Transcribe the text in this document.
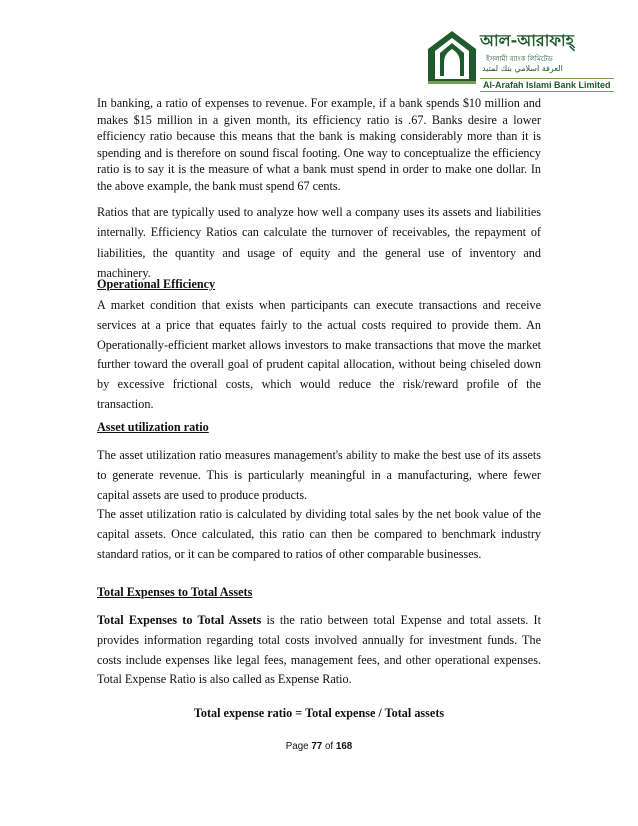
আল-আরাফাহ্
ইসলামী ব্যাংক লিমিটেড
العرفة اسلامي بنك لمتيد
Al-Arafah Islami Bank Limited

In banking, a ratio of expenses to revenue. For example, if a bank spends $10 million and makes $15 million in a given month, its efficiency ratio is .67. Banks desire a lower efficiency ratio because this means that the bank is making considerably more than it is spending and is therefore on sound fiscal footing. One way to conceptualize the efficiency ratio is to say it is the measure of what a bank must spend in order to make one dollar. In the above example, the bank must spend 67 cents.

Ratios that are typically used to analyze how well a company uses its assets and liabilities internally. Efficiency Ratios can calculate the turnover of receivables, the repayment of liabilities, the quantity and usage of equity and the general use of inventory and machinery.

Operational Efficiency

A market condition that exists when participants can execute transactions and receive services at a price that equates fairly to the actual costs required to provide them. An Operationally-efficient market allows investors to make transactions that move the market further toward the overall goal of prudent capital allocation, without being chiseled down by excessive frictional costs, which would reduce the risk/reward profile of the transaction.

Asset utilization ratio

The asset utilization ratio measures management's ability to make the best use of its assets to generate revenue. This is particularly meaningful in a manufacturing, where fewer capital assets are used to produce products.

The asset utilization ratio is calculated by dividing total sales by the net book value of the capital assets. Once calculated, this ratio can then be compared to benchmark industry standard ratios, or it can be compared to ratios of other comparable businesses.

Total Expenses to Total Assets

Total Expenses to Total Assets is the ratio between total Expense and total assets. It provides information regarding total costs involved annually for investment funds. The costs include expenses like legal fees, management fees, and other operational expenses. Total Expense Ratio is also called as Expense Ratio.

Total expense ratio = Total expense / Total assets

Page 77 of 168
